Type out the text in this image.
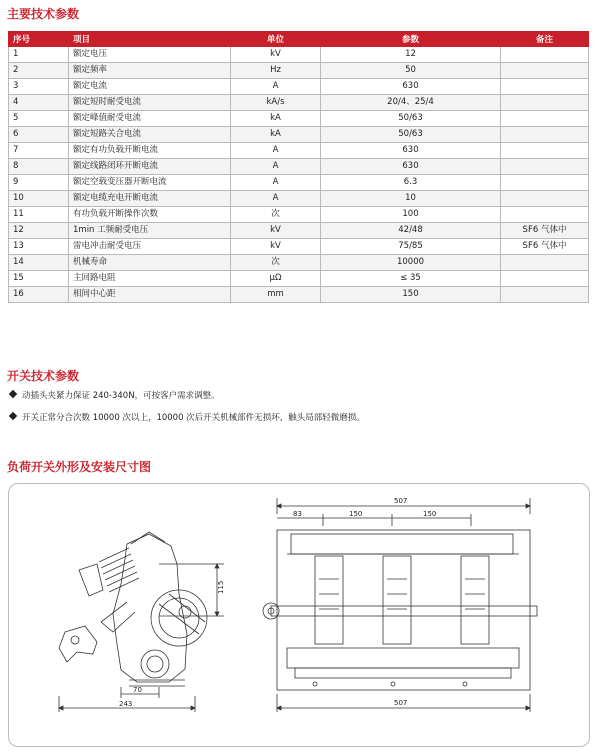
主要技术参数
序号	项目	单位	参数	备注
1	额定电压	kV	12	
2	额定频率	Hz	50	
3	额定电流	A	630	
4	额定短时耐受电流	kA/s	20/4、25/4	
5	额定峰值耐受电流	kA	50/63	
6	额定短路关合电流	kA	50/63	
7	额定有功负载开断电流	A	630	
8	额定线路闭环开断电流	A	630	
9	额定空载变压器开断电流	A	6.3	
10	额定电缆充电开断电流	A	10	
11	有功负载开断操作次数	次	100	
12	1min 工频耐受电压	kV	42/48	SF6 气体中
13	雷电冲击耐受电压	kV	75/85	SF6 气体中
14	机械寿命	次	10000	
15	主回路电阻	μΩ	≤ 35	
16	相间中心距	mm	150	
开关技术参数
动插头夹紧力保证 240-340N，可按客户需求调整。
开关正常分合次数 10000 次以上，10000 次后开关机械部件无损坏，触头局部轻微磨损。
负荷开关外形及安装尺寸图
115
70
243
507
83	150	150
507
